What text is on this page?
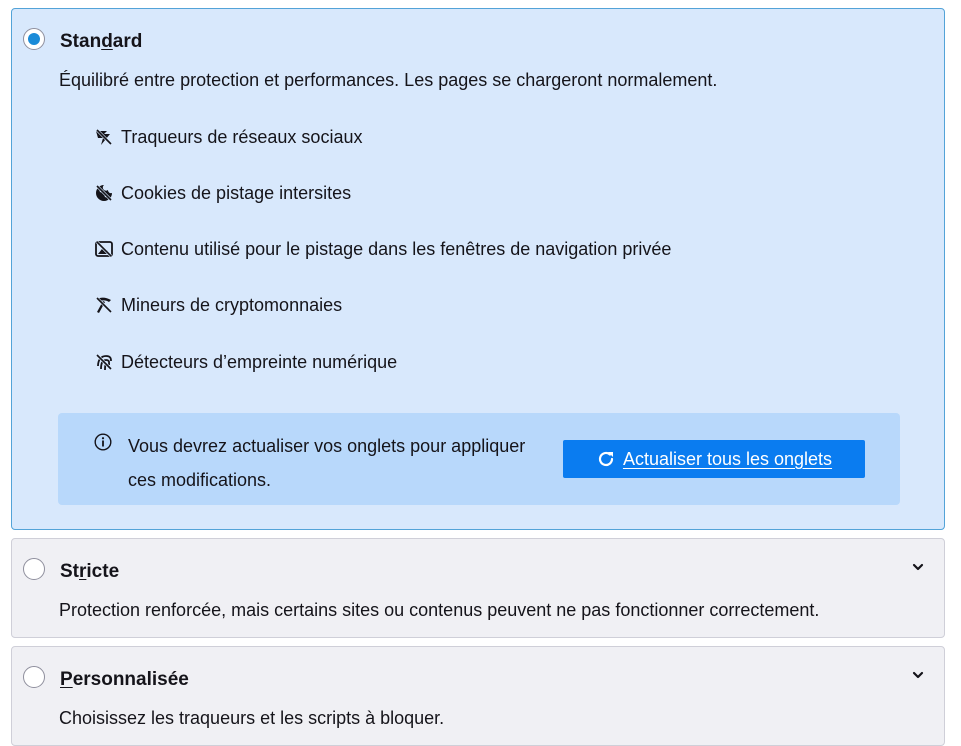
Standard
Équilibré entre protection et performances. Les pages se chargeront normalement.
Traqueurs de réseaux sociaux
Cookies de pistage intersites
Contenu utilisé pour le pistage dans les fenêtres de navigation privée
Mineurs de cryptomonnaies
Détecteurs d’empreinte numérique
Vous devrez actualiser vos onglets pour appliquer ces modifications.
Actualiser tous les onglets
Stricte
Protection renforcée, mais certains sites ou contenus peuvent ne pas fonctionner correctement.
Personnalisée
Choisissez les traqueurs et les scripts à bloquer.
